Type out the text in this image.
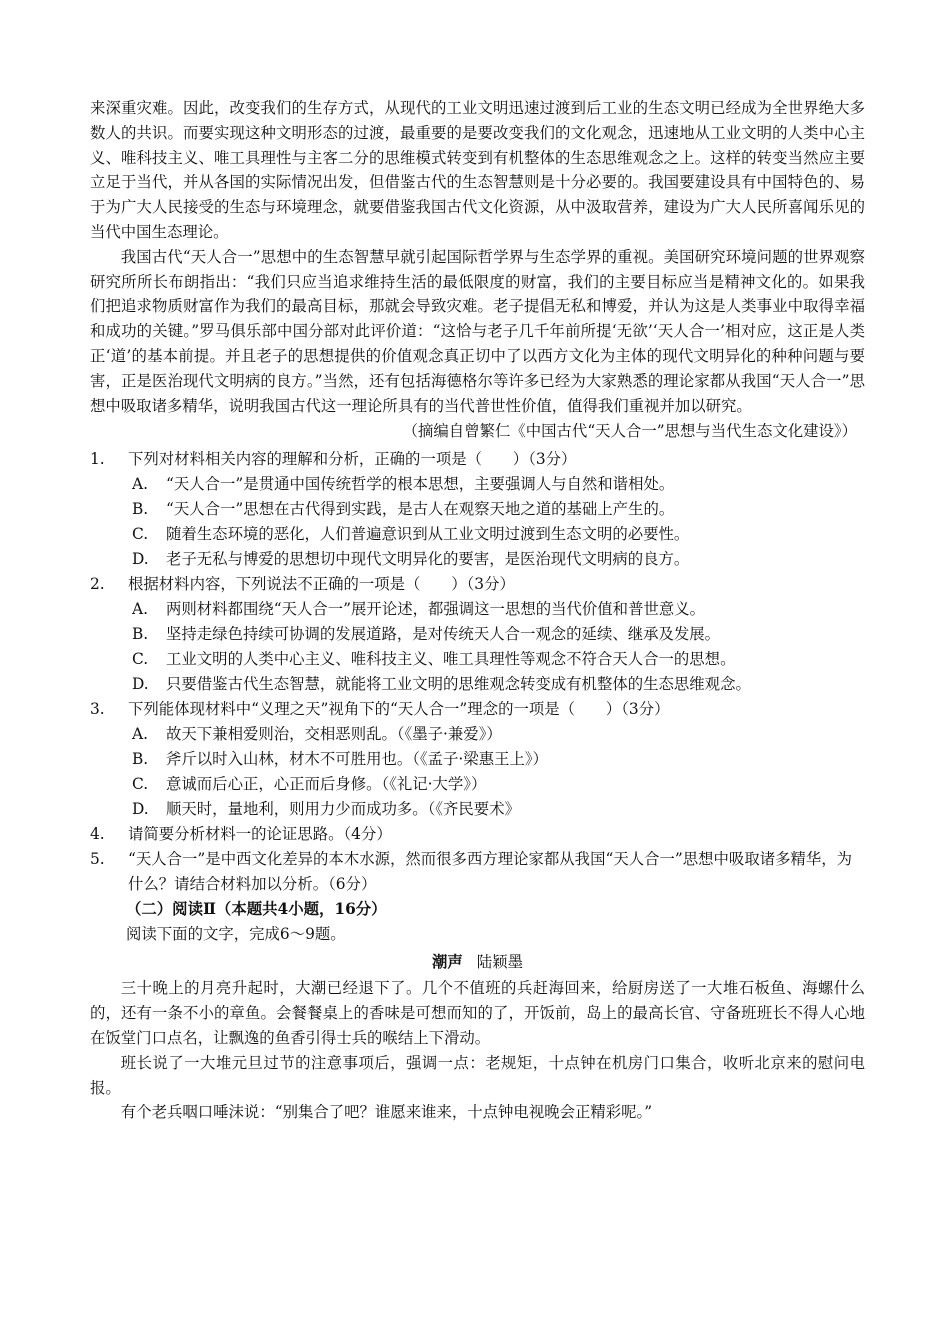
来深重灾难。因此，改变我们的生存方式，从现代的工业文明迅速过渡到后工业的生态文明已经成为全世界绝大多数人的共识。而要实现这种文明形态的过渡，最重要的是要改变我们的文化观念，迅速地从工业文明的人类中心主义、唯科技主义、唯工具理性与主客二分的思维模式转变到有机整体的生态思维观念之上。这样的转变当然应主要立足于当代，并从各国的实际情况出发，但借鉴古代的生态智慧则是十分必要的。我国要建设具有中国特色的、易于为广大人民接受的生态与环境理念，就要借鉴我国古代文化资源，从中汲取营养，建设为广大人民所喜闻乐见的当代中国生态理论。

我国古代“天人合一”思想中的生态智慧早就引起国际哲学界与生态学界的重视。美国研究环境问题的世界观察研究所所长布朗指出：“我们只应当追求维持生活的最低限度的财富，我们的主要目标应当是精神文化的。如果我们把追求物质财富作为我们的最高目标，那就会导致灾难。老子提倡无私和博爱，并认为这是人类事业中取得幸福和成功的关键。”罗马俱乐部中国分部对此评价道：“这恰与老子几千年前所提‘无欲’‘天人合一’相对应，这正是人类正‘道’的基本前提。并且老子的思想提供的价值观念真正切中了以西方文化为主体的现代文明异化的种种问题与要害，正是医治现代文明病的良方。”当然，还有包括海德格尔等许多已经为大家熟悉的理论家都从我国“天人合一”思想中吸取诸多精华，说明我国古代这一理论所具有的当代普世性价值，值得我们重视并加以研究。

（摘编自曾繁仁《中国古代“天人合一”思想与当代生态文化建设》）
1.	下列对材料相关内容的理解和分析，正确的一项是（　　）（3分）
A.	“天人合一”是贯通中国传统哲学的根本思想，主要强调人与自然和谐相处。
B.	“天人合一”思想在古代得到实践，是古人在观察天地之道的基础上产生的。
C.	随着生态环境的恶化，人们普遍意识到从工业文明过渡到生态文明的必要性。
D.	老子无私与博爱的思想切中现代文明异化的要害，是医治现代文明病的良方。
2.	根据材料内容，下列说法不正确的一项是（　　）（3分）
A.	两则材料都围绕“天人合一”展开论述，都强调这一思想的当代价值和普世意义。
B.	坚持走绿色持续可协调的发展道路，是对传统天人合一观念的延续、继承及发展。
C.	工业文明的人类中心主义、唯科技主义、唯工具理性等观念不符合天人合一的思想。
D.	只要借鉴古代生态智慧，就能将工业文明的思维观念转变成有机整体的生态思维观念。
3.	下列能体现材料中“义理之天”视角下的“天人合一”理念的一项是（　　）（3分）
A.	故天下兼相爱则治，交相恶则乱。（《墨子·兼爱》）
B.	斧斤以时入山林，材木不可胜用也。（《孟子·梁惠王上》）
C.	意诚而后心正，心正而后身修。（《礼记·大学》）
D.	顺天时，量地利，则用力少而成功多。（《齐民要术》
4.	请简要分析材料一的论证思路。（4分）
5.	“天人合一”是中西文化差异的本木水源，然而很多西方理论家都从我国“天人合一”思想中吸取诸多精华，为什么？请结合材料加以分析。（6分）
（二）阅读Ⅱ（本题共4小题，16分）
阅读下面的文字，完成6～9题。
潮声 陆颖墨

三十晚上的月亮升起时，大潮已经退下了。几个不值班的兵赶海回来，给厨房送了一大堆石板鱼、海螺什么的，还有一条不小的章鱼。会餐餐桌上的香味是可想而知的了，开饭前，岛上的最高长官、守备班班长不得人心地在饭堂门口点名，让飘逸的鱼香引得士兵的喉结上下滑动。

班长说了一大堆元旦过节的注意事项后，强调一点：老规矩，十点钟在机房门口集合，收听北京来的慰问电报。

有个老兵咽口唾沫说：“别集合了吧？谁愿来谁来，十点钟电视晚会正精彩呢。”
